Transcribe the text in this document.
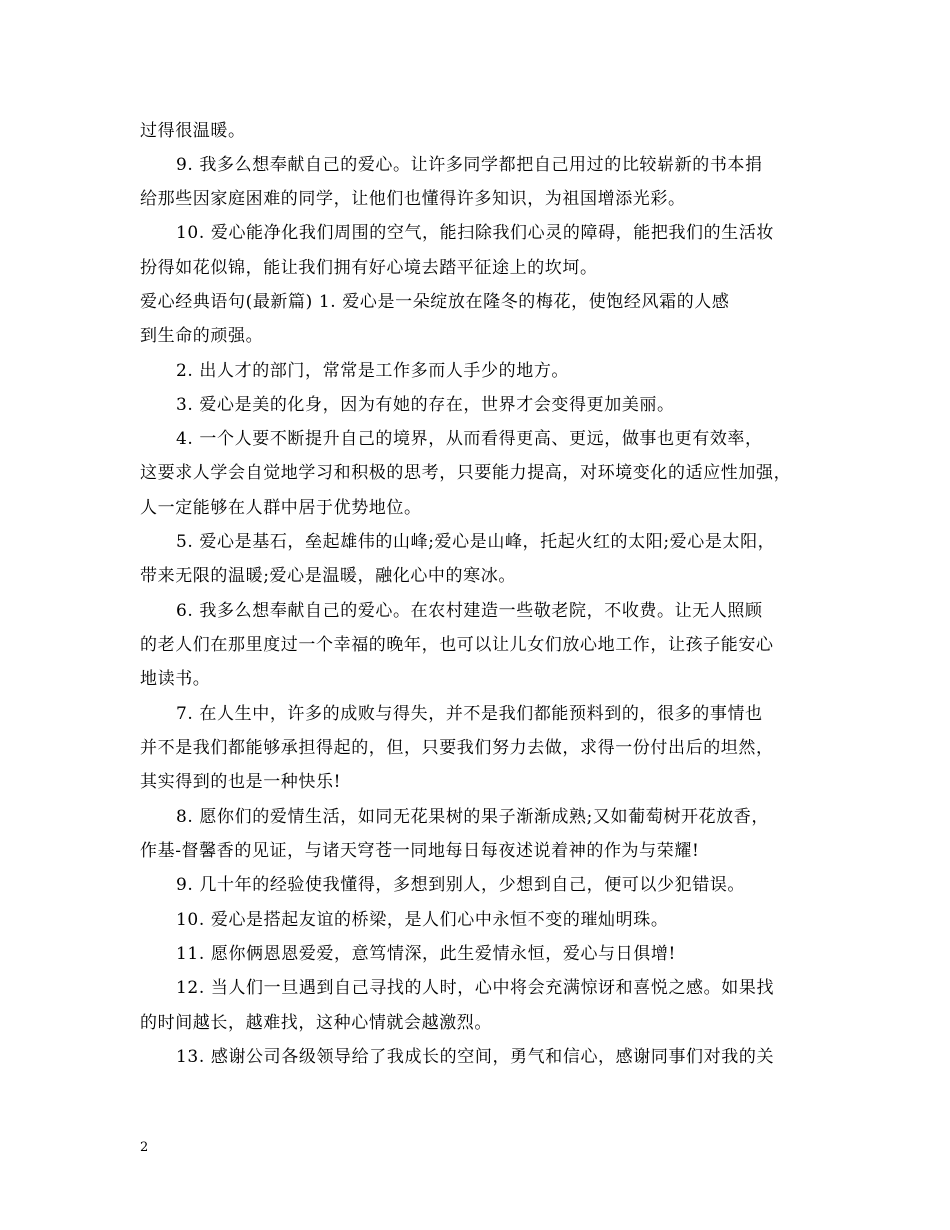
过得很温暖。
9. 我多么想奉献自己的爱心。让许多同学都把自己用过的比较崭新的书本捐
给那些因家庭困难的同学，让他们也懂得许多知识，为祖国增添光彩。
10. 爱心能净化我们周围的空气，能扫除我们心灵的障碍，能把我们的生活妆
扮得如花似锦，能让我们拥有好心境去踏平征途上的坎坷。
爱心经典语句(最新篇) 1. 爱心是一朵绽放在隆冬的梅花，使饱经风霜的人感
到生命的顽强。
2. 出人才的部门，常常是工作多而人手少的地方。
3. 爱心是美的化身，因为有她的存在，世界才会变得更加美丽。
4. 一个人要不断提升自己的境界，从而看得更高、更远，做事也更有效率，
这要求人学会自觉地学习和积极的思考，只要能力提高，对环境变化的适应性加强，
人一定能够在人群中居于优势地位。
5. 爱心是基石，垒起雄伟的山峰;爱心是山峰，托起火红的太阳;爱心是太阳，
带来无限的温暖;爱心是温暖，融化心中的寒冰。
6. 我多么想奉献自己的爱心。在农村建造一些敬老院，不收费。让无人照顾
的老人们在那里度过一个幸福的晚年，也可以让儿女们放心地工作，让孩子能安心
地读书。
7. 在人生中，许多的成败与得失，并不是我们都能预料到的，很多的事情也
并不是我们都能够承担得起的，但，只要我们努力去做，求得一份付出后的坦然，
其实得到的也是一种快乐!
8. 愿你们的爱情生活，如同无花果树的果子渐渐成熟;又如葡萄树开花放香，
作基-督馨香的见证，与诸天穹苍一同地每日每夜述说着神的作为与荣耀!
9. 几十年的经验使我懂得，多想到别人，少想到自己，便可以少犯错误。
10. 爱心是搭起友谊的桥梁，是人们心中永恒不变的璀灿明珠。
11. 愿你俩恩恩爱爱，意笃情深，此生爱情永恒，爱心与日俱增!
12. 当人们一旦遇到自己寻找的人时，心中将会充满惊讶和喜悦之感。如果找
的时间越长，越难找，这种心情就会越激烈。
13. 感谢公司各级领导给了我成长的空间，勇气和信心，感谢同事们对我的关
2
